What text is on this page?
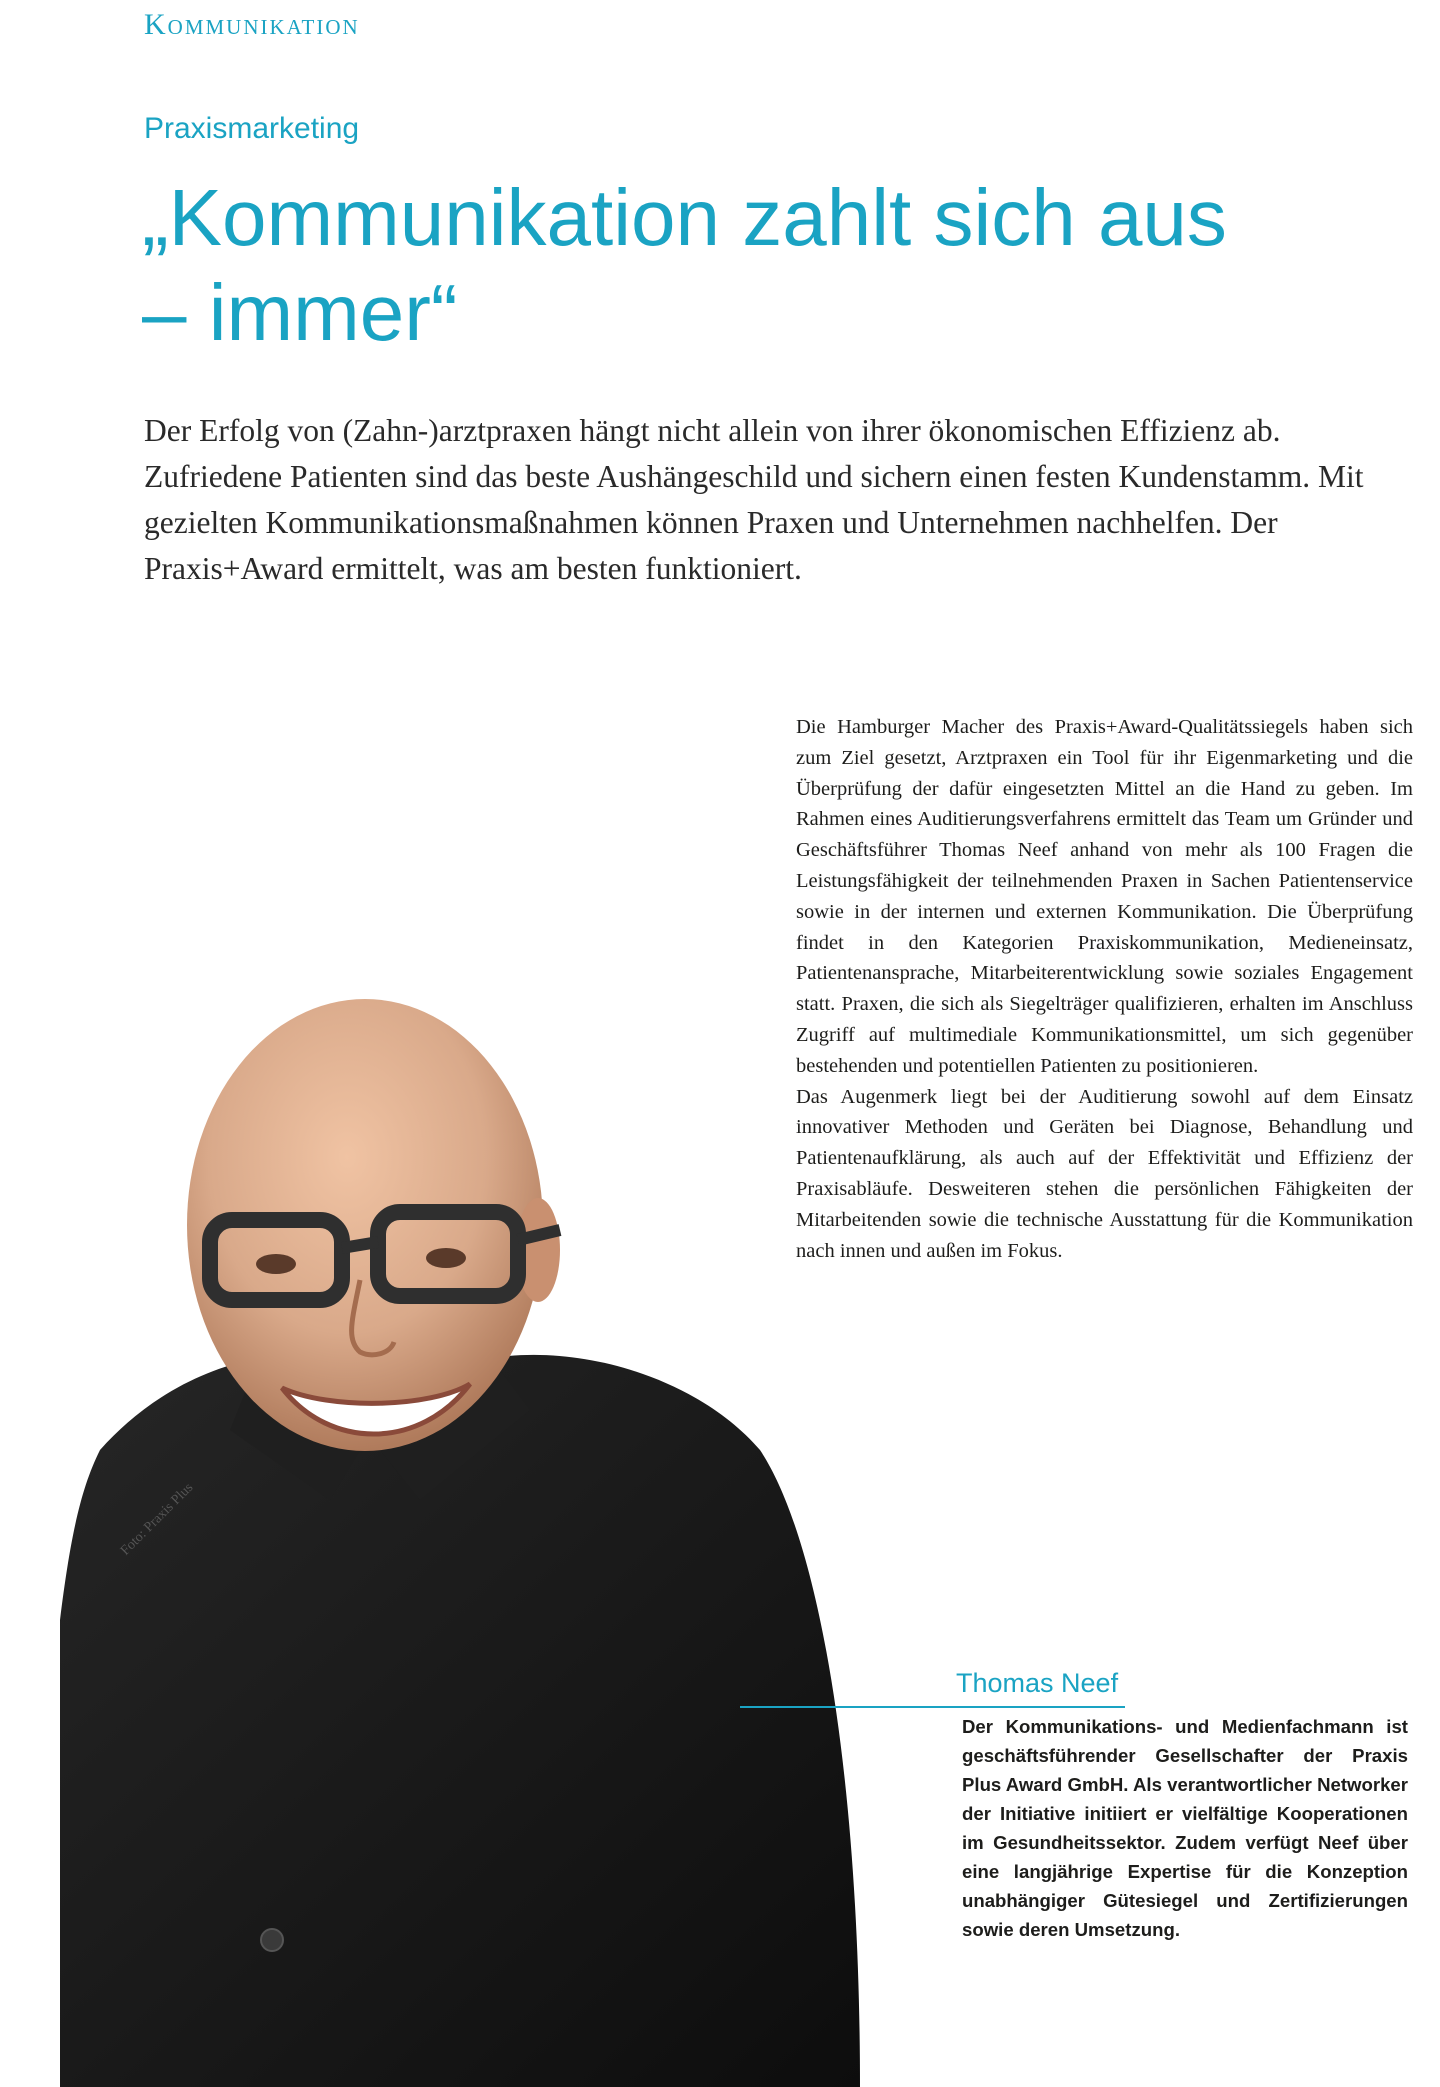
Kommunikation
Praxismarketing
„Kommunikation zahlt sich aus – immer“

Der Erfolg von (Zahn-)arztpraxen hängt nicht allein von ihrer ökonomischen Effizienz ab. Zufriedene Patienten sind das beste Aushängeschild und sichern einen festen Kundenstamm. Mit gezielten Kommunikationsmaßnahmen können Praxen und Unternehmen nachhelfen. Der Praxis+Award ermittelt, was am besten funktioniert.

Die Hamburger Macher des Praxis+Award-Qualitätssiegels haben sich zum Ziel gesetzt, Arztpraxen ein Tool für ihr Eigenmarketing und die Überprüfung der dafür eingesetzten Mittel an die Hand zu geben. Im Rahmen eines Auditierungsverfahrens ermittelt das Team um Gründer und Geschäftsführer Thomas Neef anhand von mehr als 100 Fragen die Leistungsfähigkeit der teilnehmenden Praxen in Sachen Patientenservice sowie in der internen und externen Kommunikation. Die Überprüfung findet in den Kategorien Praxiskommunikation, Medieneinsatz, Patientenansprache, Mitarbeiterentwicklung sowie soziales Engagement statt. Praxen, die sich als Siegelträger qualifizieren, erhalten im Anschluss Zugriff auf multimediale Kommunikationsmittel, um sich gegenüber bestehenden und potentiellen Patienten zu positionieren.

Das Augenmerk liegt bei der Auditierung sowohl auf dem Einsatz innovativer Methoden und Geräten bei Diagnose, Behandlung und Patientenaufklärung, als auch auf der Effektivität und Effizienz der Praxisabläufe. Desweiteren stehen die persönlichen Fähigkeiten der Mitarbeitenden sowie die technische Ausstattung für die Kommunikation nach innen und außen im Fokus.

Foto: Praxis Plus
Thomas Neef
Der Kommunikations- und Medienfachmann ist geschäftsführender Gesellschafter der Praxis Plus Award GmbH. Als verantwortlicher Networker der Initiative initiiert er vielfältige Kooperationen im Gesundheitssektor. Zudem verfügt Neef über eine langjährige Expertise für die Konzeption unabhängiger Gütesiegel und Zertifizierungen sowie deren Umsetzung.
